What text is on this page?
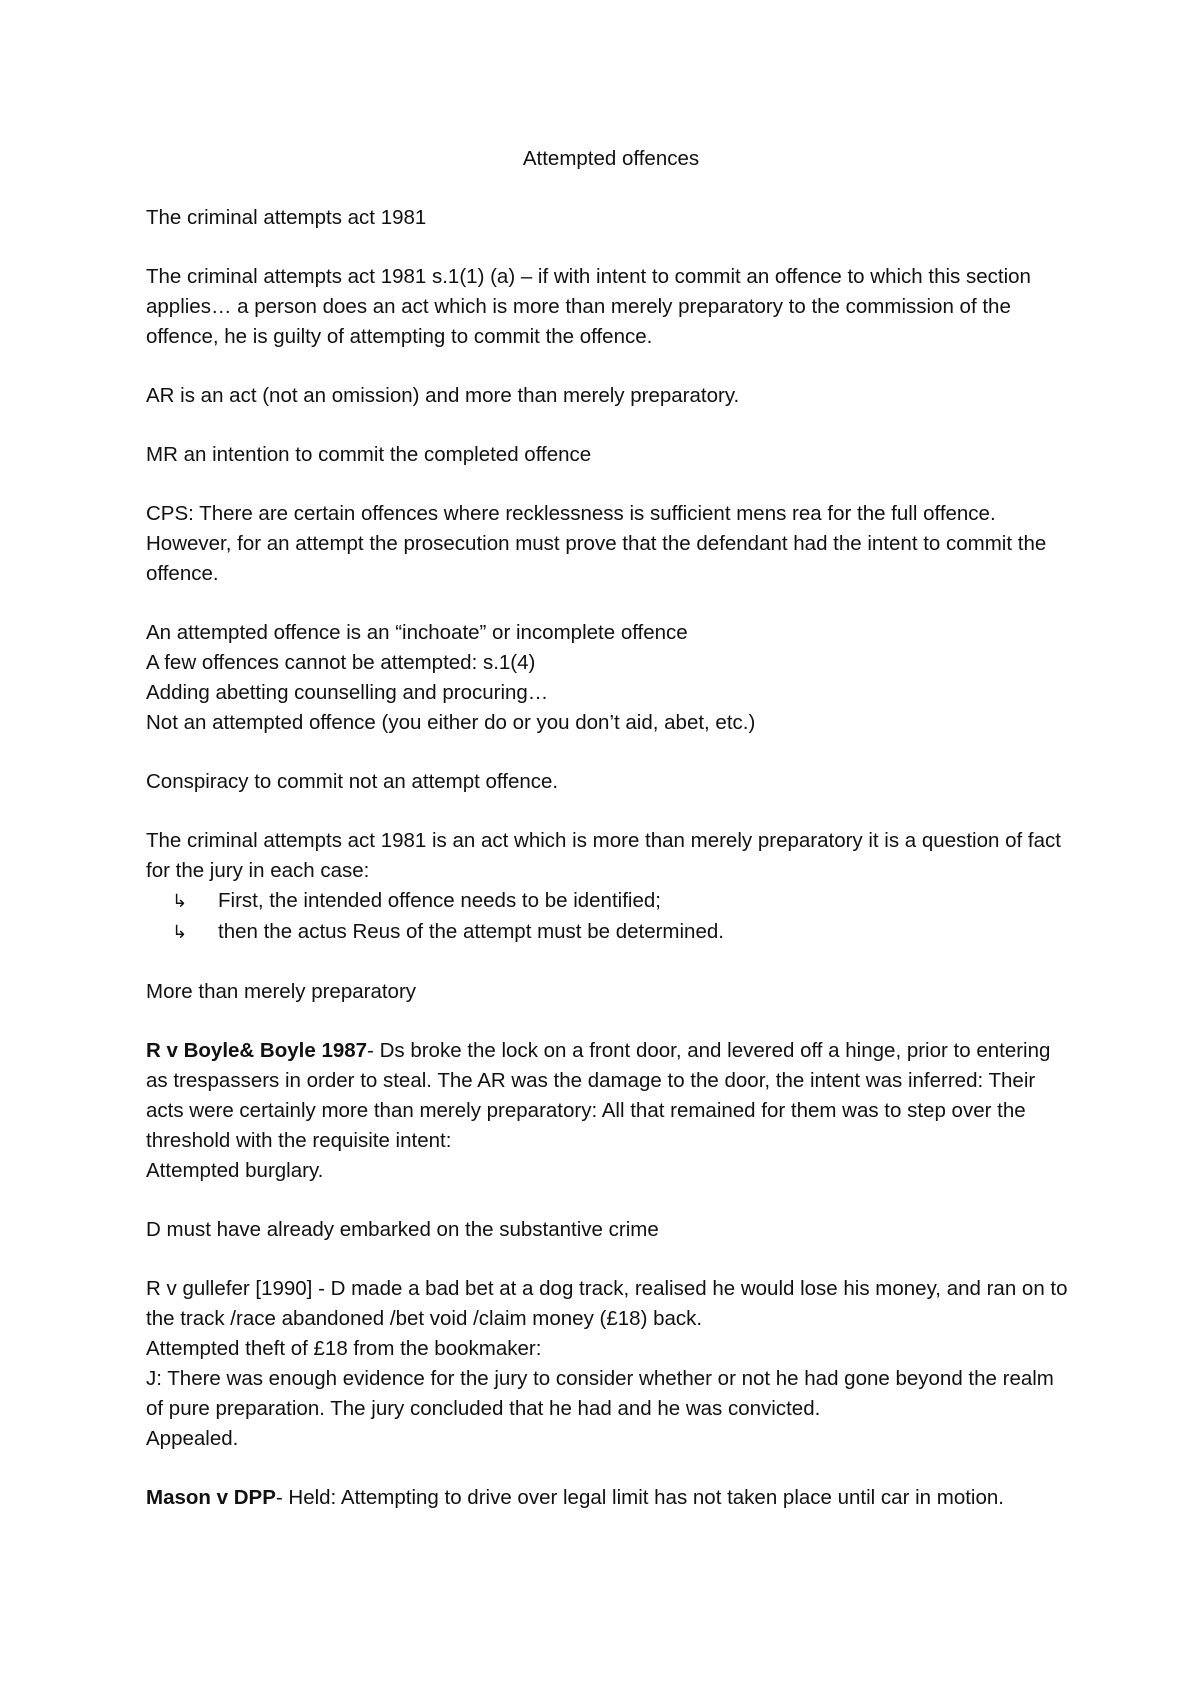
Attempted offences

The criminal attempts act 1981

The criminal attempts act 1981 s.1(1) (a) – if with intent to commit an offence to which this section applies… a person does an act which is more than merely preparatory to the commission of the offence, he is guilty of attempting to commit the offence.

AR is an act (not an omission) and more than merely preparatory.

MR an intention to commit the completed offence

CPS: There are certain offences where recklessness is sufficient mens rea for the full offence. However, for an attempt the prosecution must prove that the defendant had the intent to commit the offence.

An attempted offence is an “inchoate” or incomplete offence
A few offences cannot be attempted: s.1(4)
Adding abetting counselling and procuring…
Not an attempted offence (you either do or you don’t aid, abet, etc.)

Conspiracy to commit not an attempt offence.

The criminal attempts act 1981 is an act which is more than merely preparatory it is a question of fact for the jury in each case:

↳	First, the intended offence needs to be identified;
↳	then the actus Reus of the attempt must be determined.

More than merely preparatory

R v Boyle& Boyle 1987- Ds broke the lock on a front door, and levered off a hinge, prior to entering as trespassers in order to steal. The AR was the damage to the door, the intent was inferred: Their acts were certainly more than merely preparatory: All that remained for them was to step over the threshold with the requisite intent:
Attempted burglary.

D must have already embarked on the substantive crime

R v gullefer [1990] - D made a bad bet at a dog track, realised he would lose his money, and ran on to the track /race abandoned /bet void /claim money (£18) back.
Attempted theft of £18 from the bookmaker:
J: There was enough evidence for the jury to consider whether or not he had gone beyond the realm of pure preparation. The jury concluded that he had and he was convicted.
Appealed.

Mason v DPP- Held: Attempting to drive over legal limit has not taken place until car in motion.
